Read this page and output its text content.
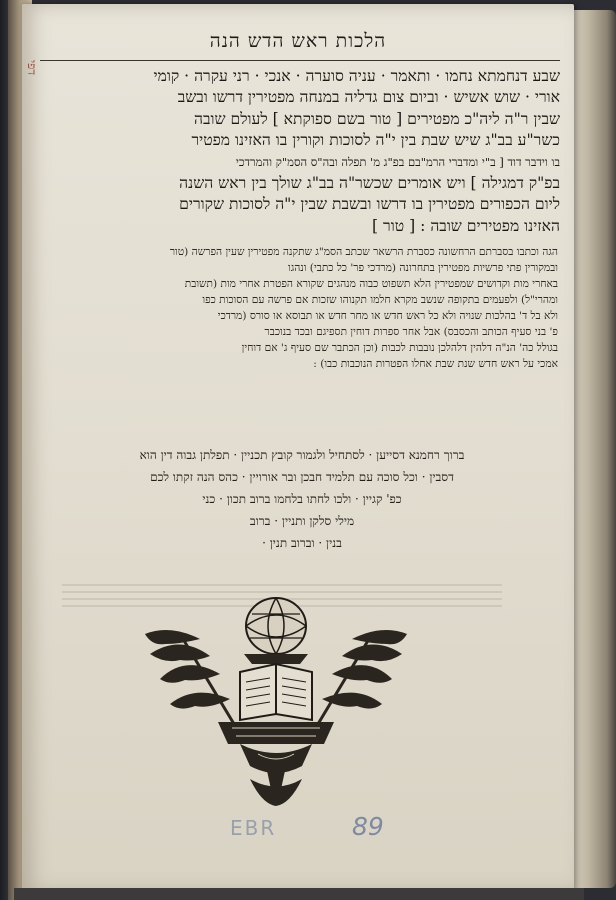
דפי
הלכות ראש הדש הנה
שבע דנחמתא נחמו · ותאמר · עניה סוערה · אנכי · רני עקרה · קומי
אורי · שוש אשיש · וביום צום גדליה במנחה מפטירין דרשו ובשב
שבין ר"ה ליה"כ מפטירים [ טור בשם ספוקתא ] לעולם שובה
כשר"ע בב"ג שיש שבת בין י"ה לסוכות וקורין בו האזינו מפטיר
בו וידבר דוד [ ב"י ומדברי הרמ"בם בפ"ג מ' תפלה ובה"ס הסמ"ק והמרדכי
בפ"ק דמגילה ] ויש אומרים שכשר"ה בב"ג שולך בין ראש השנה
ליום הכפורים מפטירין בו דרשו ובשבת שבין י"ה לסוכות שקורים
האזינו מפטירים שובה : [ טור ]
הגה וכתבו בסברתם הרחשונה כסברת הרשאר שכתב הסמ"ג שתקנה מפטירין שעין הפרשה (טור
ובמקורין פתי פרשיות מפטירין בתחרונה (מרדכי פר' כל כתבי) ונהגו
באחרי מות וקדושים שמפטירין הלא תשפוט כבוה מנהגים שקורא הפטרת אחרי מות (תשובת
ומהרי"ל) ולפעמים בתקופה שנשב מקרא חלמו תקנוהו שזכות אם פרשה עם הסוכות כפו
ולא בל ד' בהלכות שנויה ולא כל ראש חדש או מחר חדש או תבוסא או סורס (מרדכי
פ' בני סעיף הכותב והכסבס) אבל אחר ספרות דוחין תספיגם ובכד בנוכבר
בגולל כה' הנ"ה דלהין דלהלכן נובבות לכבות (וכן הכתבר שם סעיף ג' אם דוחין
אמכי על ראש חדש שנת שבת אחלו הפטרות הנוכבות כבו) :
ברוך רחמנא דסייען · לסתחיל ולגמור קובץ תכניין · תפלתן גבוה דין הוא
דסבין · וכל סוכה עם תלמיד חבכן ובר אורויין · כהס הנה זקתו לכם
כפ' קגיין · ולכו לחתו בלחמו ברוב תכון · כני
מילי סלקן ותניין · ברוב
בנין · וברוב תנין ·
EBR	89
